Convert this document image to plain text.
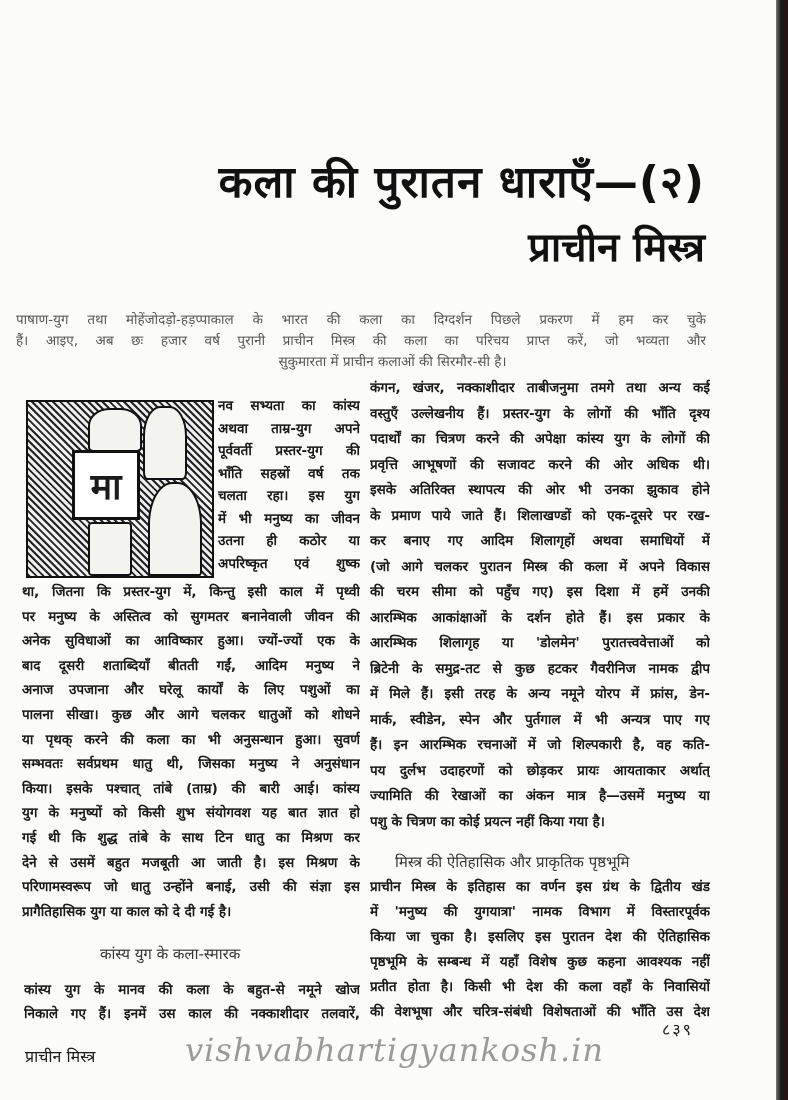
कला की पुरातन धाराएँ—(२)
प्राचीन मिस्त्र
पाषाण-युग तथा मोहेंजोदड़ो-हड़प्पाकाल के भारत की कला का दिग्दर्शन पिछले प्रकरण में हम कर चुके
हैं। आइए, अब छः हजार वर्ष पुरानी प्राचीन मिस्त्र की कला का परिचय प्राप्त करें, जो भव्यता और
सुकुमारता में प्राचीन कलाओं की सिरमौर-सी है।
मा
नव सभ्यता का कांस्य
अथवा ताम्र-युग अपने
पूर्ववर्ती प्रस्तर-युग की
भाँति सहस्रों वर्ष तक
चलता रहा। इस युग
में भी मनुष्य का जीवन
उतना ही कठोर या
अपरिष्कृत एवं शुष्क
था, जितना कि प्रस्तर-युग में, किन्तु इसी काल में पृथ्वी
पर मनुष्य के अस्तित्व को सुगमतर बनानेवाली जीवन की
अनेक सुविधाओं का आविष्कार हुआ। ज्यों-ज्यों एक के
बाद दूसरी शताब्दियाँ बीतती गईं, आदिम मनुष्य ने
अनाज उपजाना और घरेलू कार्यों के लिए पशुओं का
पालना सीखा। कुछ और आगे चलकर धातुओं को शोधने
या पृथक् करने की कला का भी अनुसन्धान हुआ। सुवर्ण
सम्भवतः सर्वप्रथम धातु थी, जिसका मनुष्य ने अनुसंधान
किया। इसके पश्चात् तांबे (ताम्र) की बारी आई। कांस्य
युग के मनुष्यों को किसी शुभ संयोगवश यह बात ज्ञात हो
गई थी कि शुद्ध तांबे के साथ टिन धातु का मिश्रण कर
देने से उसमें बहुत मजबूती आ जाती है। इस मिश्रण के
परिणामस्वरूप जो धातु उन्होंने बनाई, उसी की संज्ञा इस
प्रागैतिहासिक युग या काल को दे दी गई है।
कांस्य युग के कला-स्मारक
कांस्य युग के मानव की कला के बहुत-से नमूने खोज
निकाले गए हैं। इनमें उस काल की नक्काशीदार तलवारें,
कंगन, खंजर, नक्काशीदार ताबीजनुमा तमगे तथा अन्य कई
वस्तुएँ उल्लेखनीय हैं। प्रस्तर-युग के लोगों की भाँति दृश्य
पदार्थों का चित्रण करने की अपेक्षा कांस्य युग के लोगों की
प्रवृत्ति आभूषणों की सजावट करने की ओर अधिक थी।
इसके अतिरिक्त स्थापत्य की ओर भी उनका झुकाव होने
के प्रमाण पाये जाते हैं। शिलाखण्डों को एक-दूसरे पर रख-
कर बनाए गए आदिम शिलागृहों अथवा समाधियों में
(जो आगे चलकर पुरातन मिस्त्र की कला में अपने विकास
की चरम सीमा को पहुँच गए) इस दिशा में हमें उनकी
आरम्भिक आकांक्षाओं के दर्शन होते हैं। इस प्रकार के
आरम्भिक शिलागृह या 'डोलमेन' पुरातत्त्ववेत्ताओं को
ब्रिटेनी के समुद्र-तट से कुछ हटकर गैवरीनिज नामक द्वीप
में मिले हैं। इसी तरह के अन्य नमूने योरप में फ्रांस, डेन-
मार्क, स्वीडेन, स्पेन और पुर्तगाल में भी अन्यत्र पाए गए
हैं। इन आरम्भिक रचनाओं में जो शिल्पकारी है, वह कति-
पय दुर्लभ उदाहरणों को छोड़कर प्रायः आयताकार अर्थात्
ज्यामिति की रेखाओं का अंकन मात्र है—उसमें मनुष्य या
पशु के चित्रण का कोई प्रयत्न नहीं किया गया है।
मिस्त्र की ऐतिहासिक और प्राकृतिक पृष्ठभूमि
प्राचीन मिस्त्र के इतिहास का वर्णन इस ग्रंथ के द्वितीय खंड
में 'मनुष्य की युगयात्रा' नामक विभाग में विस्तारपूर्वक
किया जा चुका है। इसलिए इस पुरातन देश की ऐतिहासिक
पृष्ठभूमि के सम्बन्ध में यहाँ विशेष कुछ कहना आवश्यक नहीं
प्रतीत होता है। किसी भी देश की कला वहाँ के निवासियों
की वेशभूषा और चरित्र-संबंधी विशेषताओं की भाँति उस देश
vishvabhartigyankosh.in
प्राचीन मिस्त्र
८३९
